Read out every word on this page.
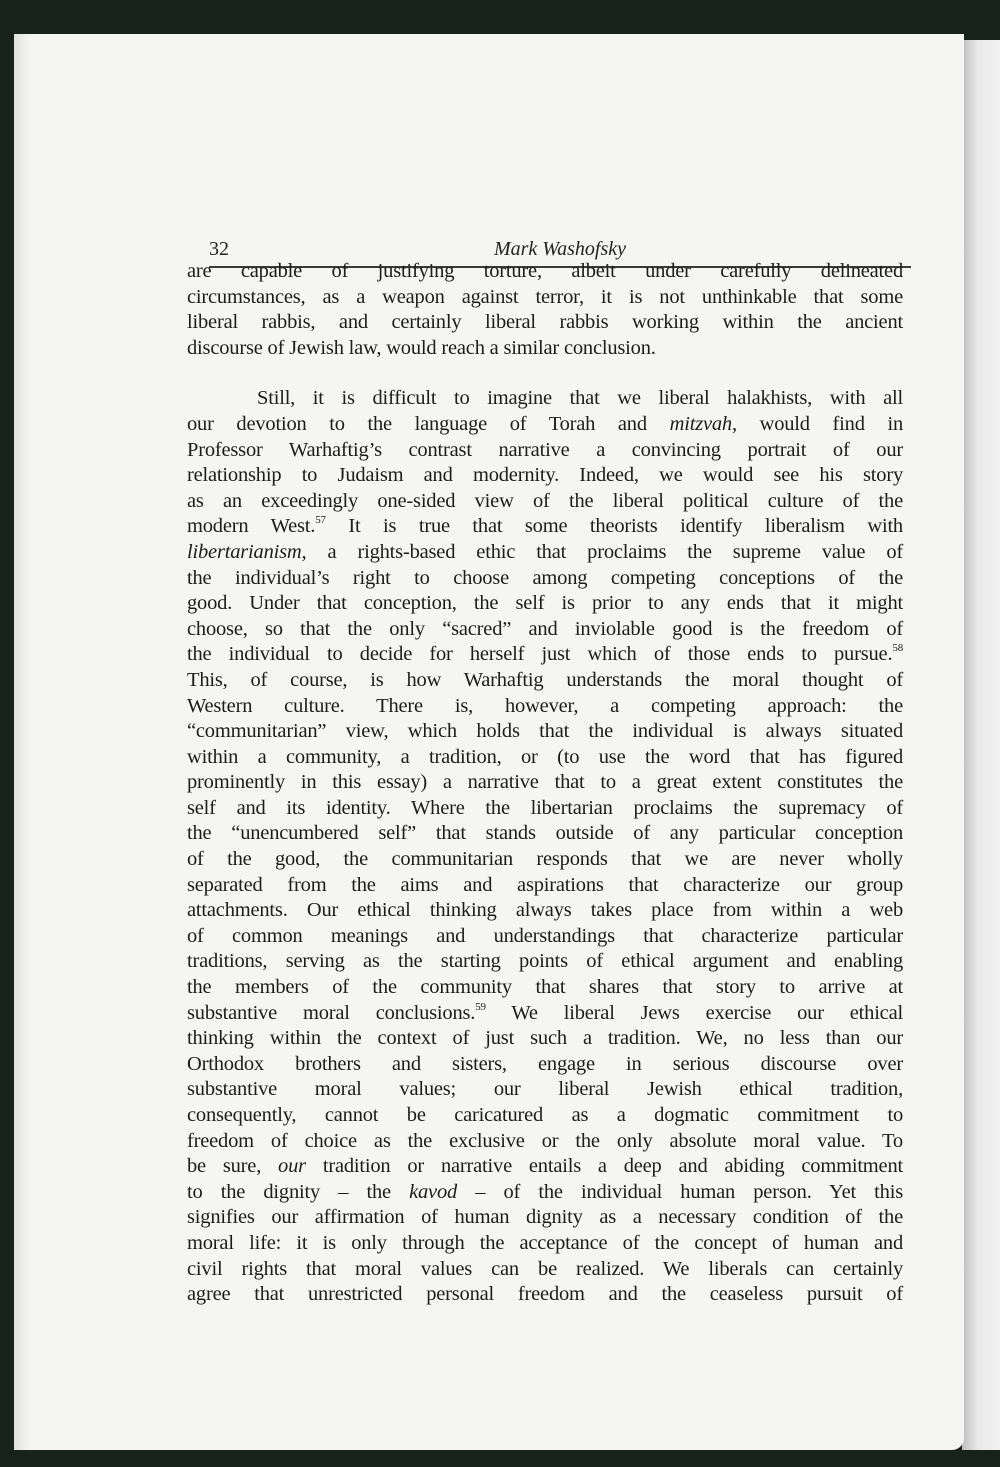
32	Mark Washofsky
are capable of justifying torture, albeit under carefully delineated
circumstances, as a weapon against terror, it is not unthinkable that some
liberal rabbis, and certainly liberal rabbis working within the ancient
discourse of Jewish law, would reach a similar conclusion.
Still, it is difficult to imagine that we liberal halakhists, with all
our devotion to the language of Torah and mitzvah, would find in
Professor Warhaftig’s contrast narrative a convincing portrait of our
relationship to Judaism and modernity. Indeed, we would see his story
as an exceedingly one-sided view of the liberal political culture of the
modern West.$^{57}$ It is true that some theorists identify liberalism with
libertarianism, a rights-based ethic that proclaims the supreme value of
the individual’s right to choose among competing conceptions of the
good. Under that conception, the self is prior to any ends that it might
choose, so that the only “sacred” and inviolable good is the freedom of
the individual to decide for herself just which of those ends to pursue.$^{58}$
This, of course, is how Warhaftig understands the moral thought of
Western culture. There is, however, a competing approach: the
“communitarian” view, which holds that the individual is always situated
within a community, a tradition, or (to use the word that has figured
prominently in this essay) a narrative that to a great extent constitutes the
self and its identity. Where the libertarian proclaims the supremacy of
the “unencumbered self” that stands outside of any particular conception
of the good, the communitarian responds that we are never wholly
separated from the aims and aspirations that characterize our group
attachments. Our ethical thinking always takes place from within a web
of common meanings and understandings that characterize particular
traditions, serving as the starting points of ethical argument and enabling
the members of the community that shares that story to arrive at
substantive moral conclusions.$^{59}$ We liberal Jews exercise our ethical
thinking within the context of just such a tradition. We, no less than our
Orthodox brothers and sisters, engage in serious discourse over
substantive moral values; our liberal Jewish ethical tradition,
consequently, cannot be caricatured as a dogmatic commitment to
freedom of choice as the exclusive or the only absolute moral value. To
be sure, our tradition or narrative entails a deep and abiding commitment
to the dignity – the kavod – of the individual human person. Yet this
signifies our affirmation of human dignity as a necessary condition of the
moral life: it is only through the acceptance of the concept of human and
civil rights that moral values can be realized. We liberals can certainly
agree that unrestricted personal freedom and the ceaseless pursuit of
